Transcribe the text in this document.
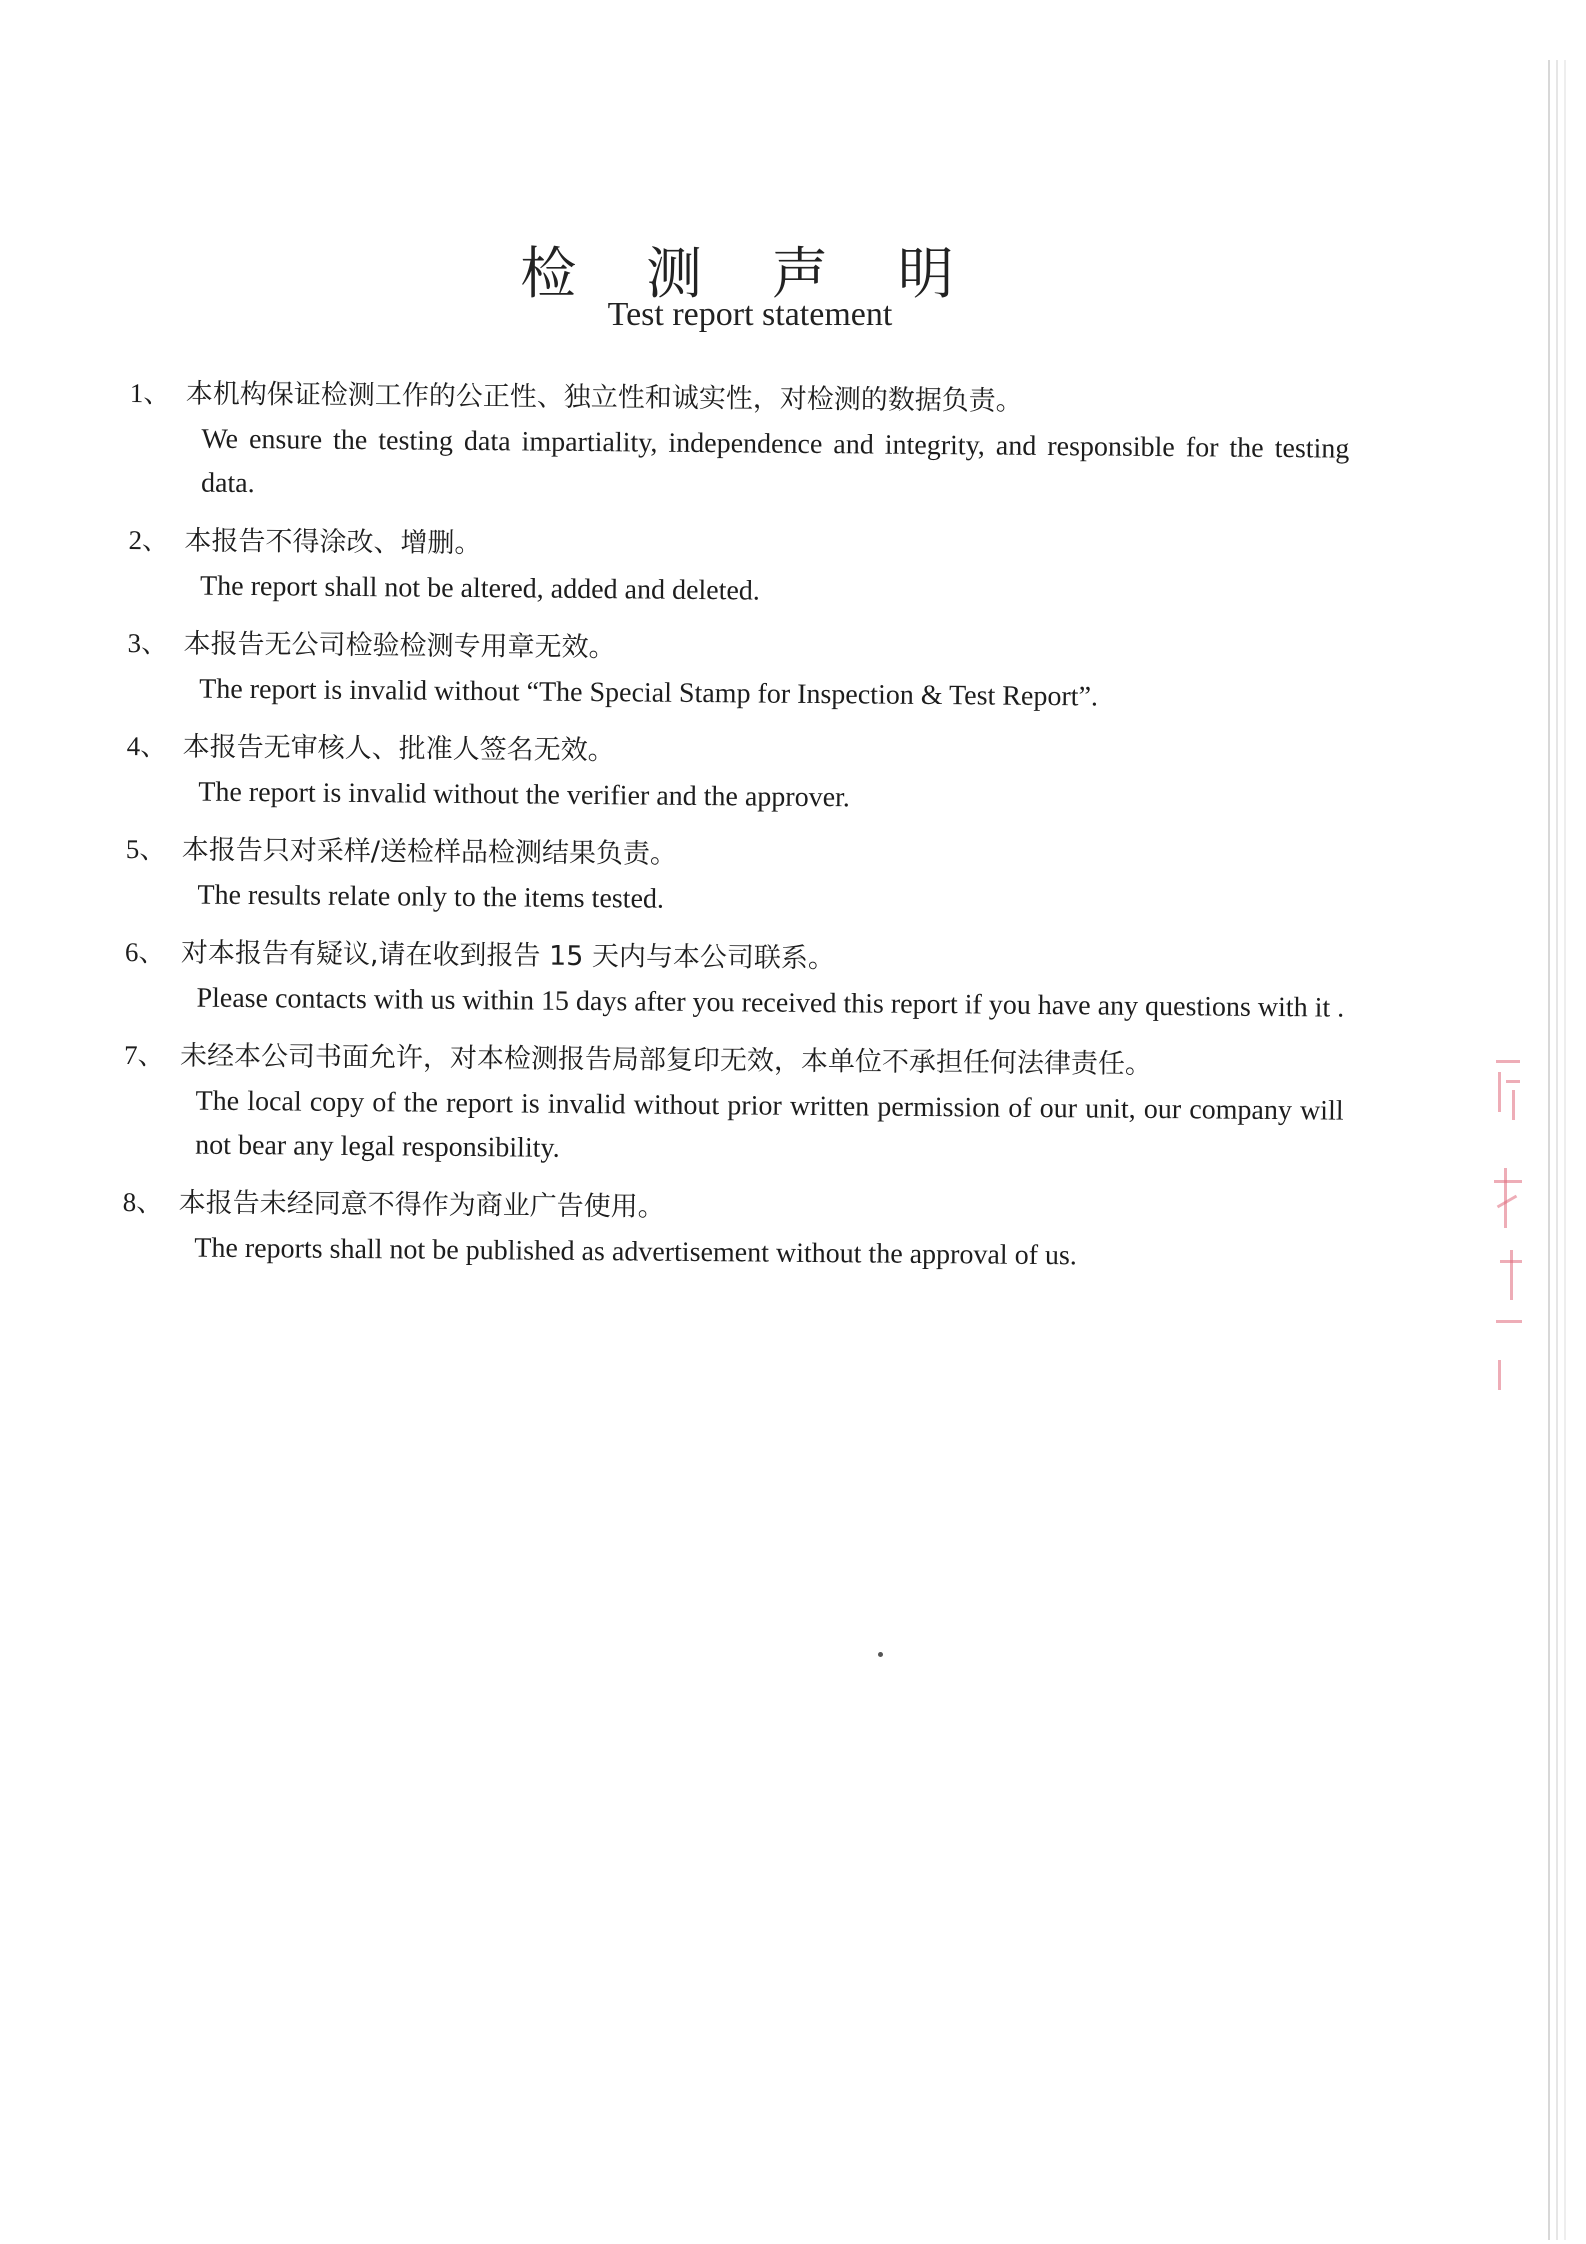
检 测 声 明
Test report statement
1、 本机构保证检测工作的公正性、独立性和诚实性，对检测的数据负责。
We ensure the testing data impartiality, independence and integrity, and responsible for the testing data.
2、 本报告不得涂改、增删。
The report shall not be altered, added and deleted.
3、 本报告无公司检验检测专用章无效。
The report is invalid without “The Special Stamp for Inspection & Test Report”.
4、 本报告无审核人、批准人签名无效。
The report is invalid without the verifier and the approver.
5、 本报告只对采样/送检样品检测结果负责。
The results relate only to the items tested.
6、 对本报告有疑议,请在收到报告 15 天内与本公司联系。
Please contacts with us within 15 days after you received this report if you have any questions with it .
7、 未经本公司书面允许，对本检测报告局部复印无效，本单位不承担任何法律责任。
The local copy of the report is invalid without prior written permission of our unit, our company will not bear any legal responsibility.
8、 本报告未经同意不得作为商业广告使用。
The reports shall not be published as advertisement without the approval of us.
